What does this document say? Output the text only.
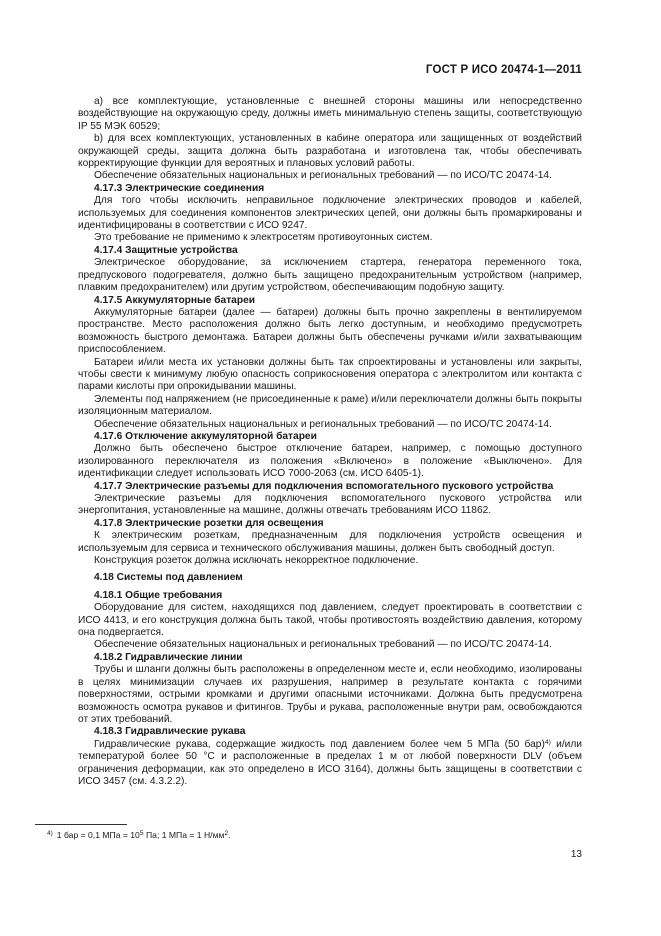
ГОСТ Р ИСО 20474-1—2011

а) все комплектующие, установленные с внешней стороны машины или непосредственно воздействующие на окружающую среду, должны иметь минимальную степень защиты, соответствующую IP 55 МЭК 60529;

b) для всех комплектующих, установленных в кабине оператора или защищенных от воздействий окружающей среды, защита должна быть разработана и изготовлена так, чтобы обеспечивать корректирующие функции для вероятных и плановых условий работы.

Обеспечение обязательных национальных и региональных требований — по ИСО/ТС 20474-14.

4.17.3 Электрические соединения

Для того чтобы исключить неправильное подключение электрических проводов и кабелей, используемых для соединения компонентов электрических цепей, они должны быть промаркированы и идентифицированы в соответствии с ИСО 9247.

Это требование не применимо к электросетям противоугонных систем.

4.17.4 Защитные устройства

Электрическое оборудование, за исключением стартера, генератора переменного тока, предпускового подогревателя, должно быть защищено предохранительным устройством (например, плавким предохранителем) или другим устройством, обеспечивающим подобную защиту.

4.17.5 Аккумуляторные батареи

Аккумуляторные батареи (далее — батареи) должны быть прочно закреплены в вентилируемом пространстве. Место расположения должно быть легко доступным, и необходимо предусмотреть возможность быстрого демонтажа. Батареи должны быть обеспечены ручками и/или захватывающим приспособлением.

Батареи и/или места их установки должны быть так спроектированы и установлены или закрыты, чтобы свести к минимуму любую опасность соприкосновения оператора с электролитом или контакта с парами кислоты при опрокидывании машины.

Элементы под напряжением (не присоединенные к раме) и/или переключатели должны быть покрыты изоляционным материалом.

Обеспечение обязательных национальных и региональных требований — по ИСО/ТС 20474-14.

4.17.6 Отключение аккумуляторной батареи

Должно быть обеспечено быстрое отключение батареи, например, с помощью доступного изолированного переключателя из положения «Включено» в положение «Выключено». Для идентификации следует использовать ИСО 7000-2063 (см. ИСО 6405-1).

4.17.7 Электрические разъемы для подключения вспомогательного пускового устройства

Электрические разъемы для подключения вспомогательного пускового устройства или энергопитания, установленные на машине, должны отвечать требованиям ИСО 11862.

4.17.8 Электрические розетки для освещения

К электрическим розеткам, предназначенным для подключения устройств освещения и используемым для сервиса и технического обслуживания машины, должен быть свободный доступ.

Конструкция розеток должна исключать некорректное подключение.

4.18 Системы под давлением
4.18.1 Общие требования

Оборудование для систем, находящихся под давлением, следует проектировать в соответствии с ИСО 4413, и его конструкция должна быть такой, чтобы противостоять воздействию давления, которому она подвергается.

Обеспечение обязательных национальных и региональных требований — по ИСО/ТС 20474-14.

4.18.2 Гидравлические линии

Трубы и шланги должны быть расположены в определенном месте и, если необходимо, изолированы в целях минимизации случаев их разрушения, например в результате контакта с горячими поверхностями, острыми кромками и другими опасными источниками. Должна быть предусмотрена возможность осмотра рукавов и фитингов. Трубы и рукава, расположенные внутри рам, освобождаются от этих требований.

4.18.3 Гидравлические рукава

Гидравлические рукава, содержащие жидкость под давлением более чем 5 МПа (50 бар)$^{4)}$ и/или температурой более 50 °С и расположенные в пределах 1 м от любой поверхности DLV (объем ограничения деформации, как это определено в ИСО 3164), должны быть защищены в соответствии с ИСО 3457 (см. 4.3.2.2).

$^{4)}$ 1 бар = 0,1 МПа = $10^5$ Па; 1 МПа = 1 $Н/мм^2$.
13
